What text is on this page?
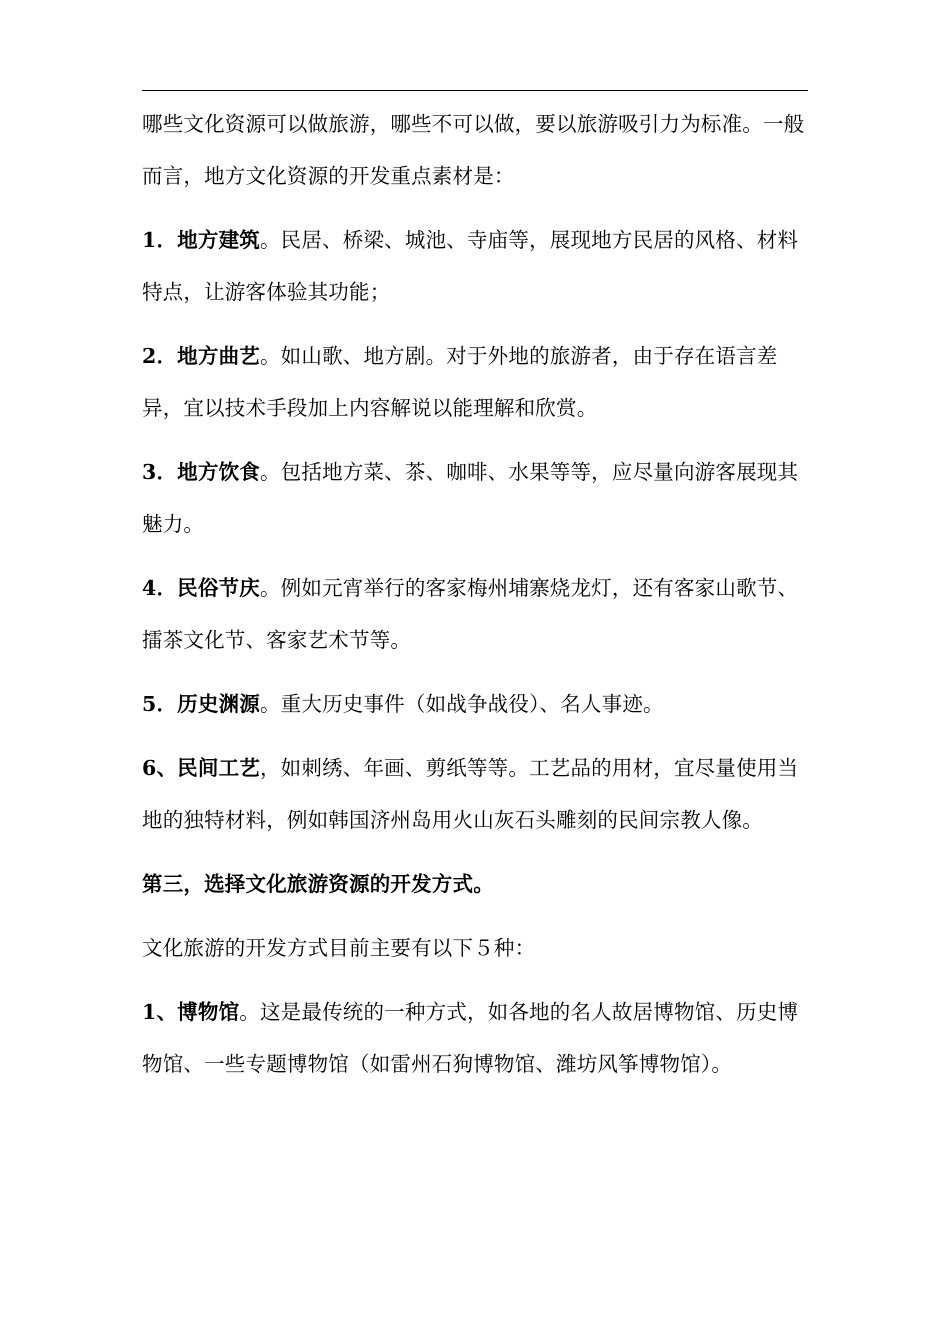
哪些文化资源可以做旅游，哪些不可以做，要以旅游吸引力为标准。一般而言，地方文化资源的开发重点素材是：

1．地方建筑。民居、桥梁、城池、寺庙等，展现地方民居的风格、材料特点，让游客体验其功能；

2．地方曲艺。如山歌、地方剧。对于外地的旅游者，由于存在语言差异，宜以技术手段加上内容解说以能理解和欣赏。

3．地方饮食。包括地方菜、茶、咖啡、水果等等，应尽量向游客展现其魅力。

4．民俗节庆。例如元宵举行的客家梅州埔寨烧龙灯，还有客家山歌节、擂茶文化节、客家艺术节等。

5．历史渊源。重大历史事件（如战争战役）、名人事迹。

6、民间工艺，如刺绣、年画、剪纸等等。工艺品的用材，宜尽量使用当地的独特材料，例如韩国济州岛用火山灰石头雕刻的民间宗教人像。

第三，选择文化旅游资源的开发方式。

文化旅游的开发方式目前主要有以下５种：

1、博物馆。这是最传统的一种方式，如各地的名人故居博物馆、历史博物馆、一些专题博物馆（如雷州石狗博物馆、潍坊风筝博物馆）。
